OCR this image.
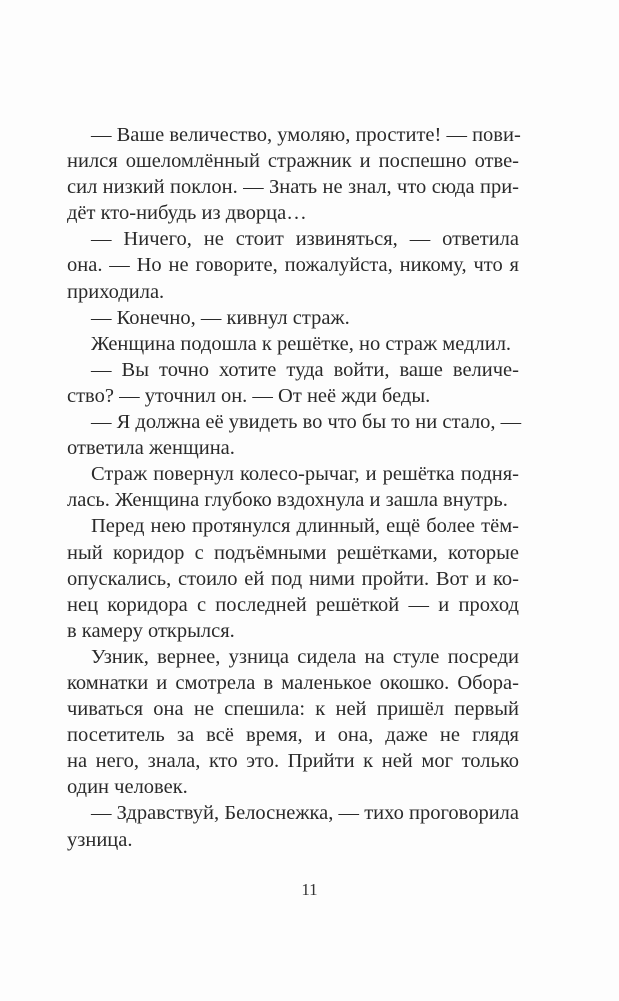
— Ваше величество, умоляю, простите! — пови-
нился ошеломлённый стражник и поспешно отве-
сил низкий поклон. — Знать не знал, что сюда при-
дёт кто-нибудь из дворца…
— Ничего, не стоит извиняться, — ответила
она. — Но не говорите, пожалуйста, никому, что я
приходила.
— Конечно, — кивнул страж.
Женщина подошла к решётке, но страж медлил.
— Вы точно хотите туда войти, ваше величе-
ство? — уточнил он. — От неё жди беды.
— Я должна её увидеть во что бы то ни стало, —
ответила женщина.
Страж повернул колесо-рычаг, и решётка подня-
лась. Женщина глубоко вздохнула и зашла внутрь.
Перед нею протянулся длинный, ещё более тём-
ный коридор с подъёмными решётками, которые
опускались, стоило ей под ними пройти. Вот и ко-
нец коридора с последней решёткой — и проход
в камеру открылся.
Узник, вернее, узница сидела на стуле посреди
комнатки и смотрела в маленькое окошко. Обора-
чиваться она не спешила: к ней пришёл первый
посетитель за всё время, и она, даже не глядя
на него, знала, кто это. Прийти к ней мог только
один человек.
— Здравствуй, Белоснежка, — тихо проговорила
узница.
11
